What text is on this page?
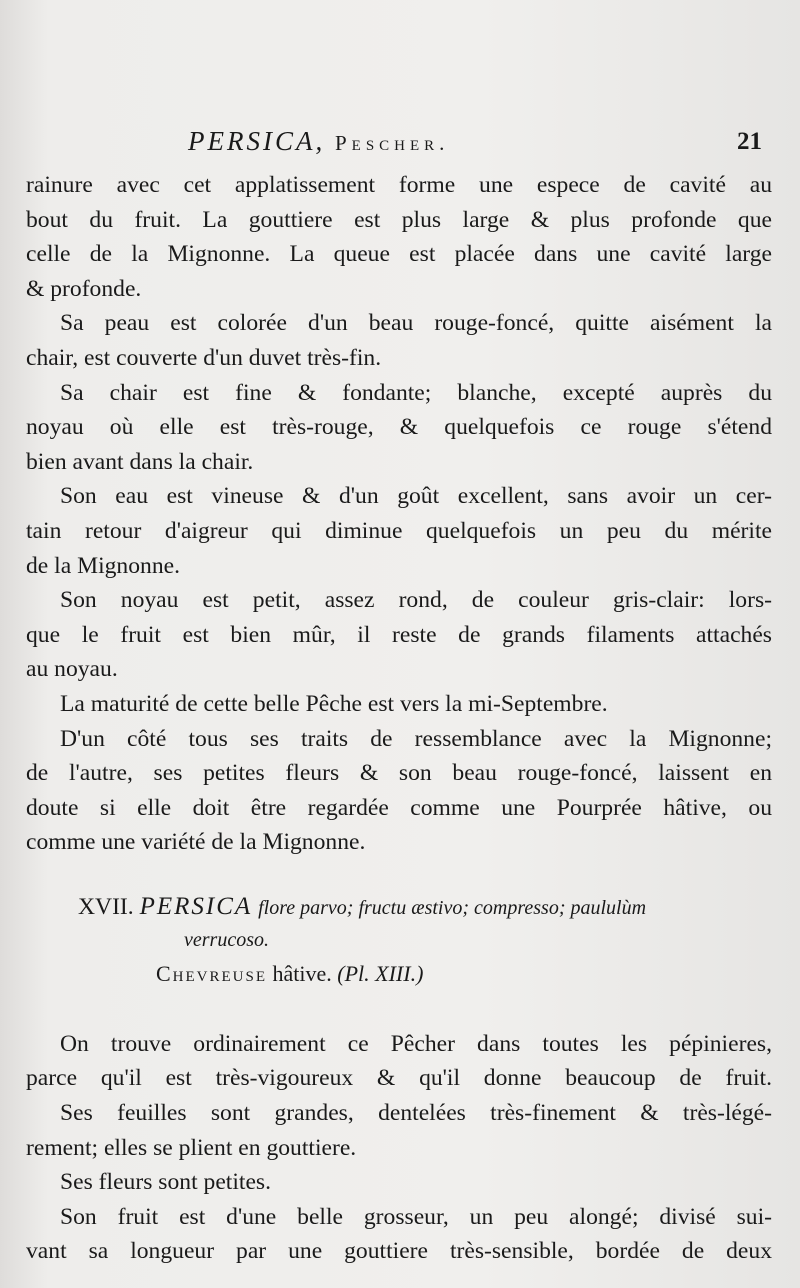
PERSICA, Pescher.	21
rainure avec cet applatissement forme une espece de cavité au
bout du fruit. La gouttiere est plus large & plus profonde que
celle de la Mignonne. La queue est placée dans une cavité large
& profonde.
Sa peau est colorée d'un beau rouge-foncé, quitte aisément la
chair, est couverte d'un duvet très-fin.
Sa chair est fine & fondante; blanche, excepté auprès du
noyau où elle est très-rouge, & quelquefois ce rouge s'étend
bien avant dans la chair.
Son eau est vineuse & d'un goût excellent, sans avoir un cer-
tain retour d'aigreur qui diminue quelquefois un peu du mérite
de la Mignonne.
Son noyau est petit, assez rond, de couleur gris-clair: lors-
que le fruit est bien mûr, il reste de grands filaments attachés
au noyau.
La maturité de cette belle Pêche est vers la mi-Septembre.
D'un côté tous ses traits de ressemblance avec la Mignonne;
de l'autre, ses petites fleurs & son beau rouge-foncé, laissent en
doute si elle doit être regardée comme une Pourprée hâtive, ou
comme une variété de la Mignonne.
XVII. PERSICA flore parvo; fructu æstivo; compresso; paululùm
verrucoso.
Chevreuse hâtive. (Pl. XIII.)
On trouve ordinairement ce Pêcher dans toutes les pépinieres,
parce qu'il est très-vigoureux & qu'il donne beaucoup de fruit.
Ses feuilles sont grandes, dentelées très-finement & très-légé-
rement; elles se plient en gouttiere.
Ses fleurs sont petites.
Son fruit est d'une belle grosseur, un peu alongé; divisé sui-
vant sa longueur par une gouttiere très-sensible, bordée de deux
